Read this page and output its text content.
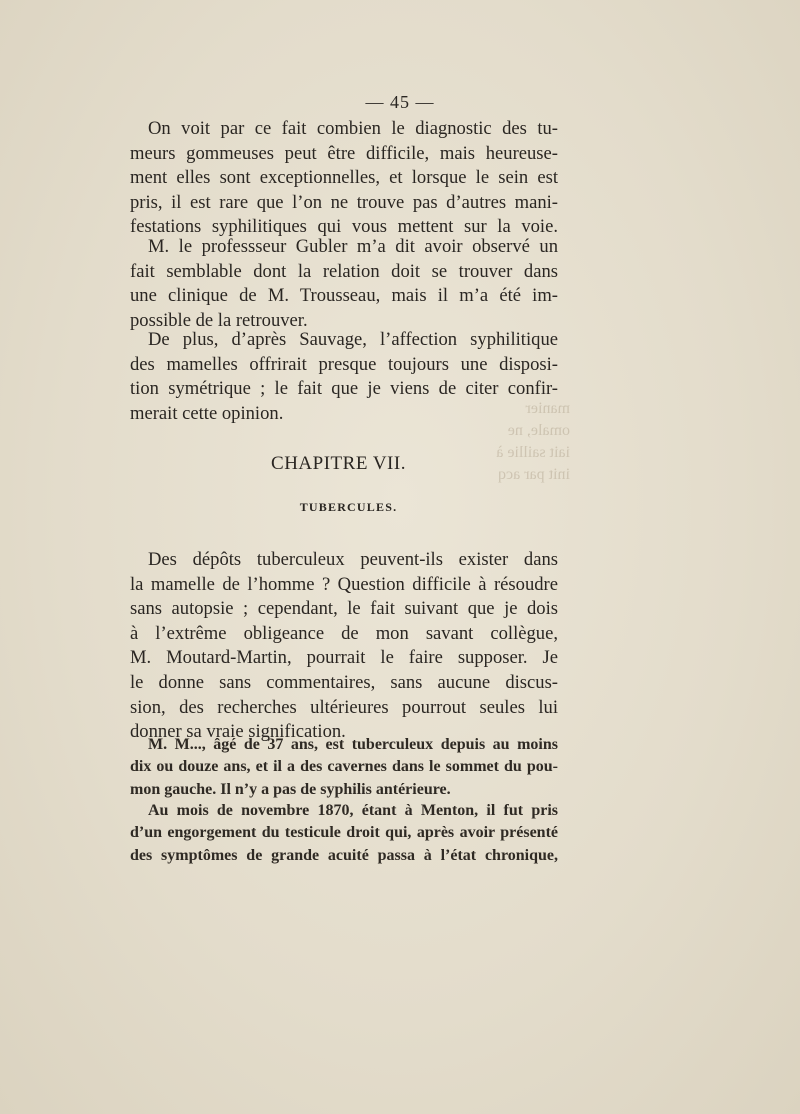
— 45 —
On voit par ce fait combien le diagnostic des tu-
meurs gommeuses peut être difficile, mais heureuse-
ment elles sont exceptionnelles, et lorsque le sein est
pris, il est rare que l’on ne trouve pas d’autres mani-
festations syphilitiques qui vous mettent sur la voie.
M. le professseur Gubler m’a dit avoir observé un
fait semblable dont la relation doit se trouver dans
une clinique de M. Trousseau, mais il m’a été im-
possible de la retrouver.
De plus, d’après Sauvage, l’affection syphilitique
des mamelles offrirait presque toujours une disposi-
tion symétrique ; le fait que je viens de citer confir-
merait cette opinion.	manier
omale, ne
iait saillie à
init par acq
CHAPITRE VII.
TUBERCULES.
Des dépôts tuberculeux peuvent-ils exister dans
la mamelle de l’homme ? Question difficile à résoudre
sans autopsie ; cependant, le fait suivant que je dois
à l’extrême obligeance de mon savant collègue,
M. Moutard-Martin, pourrait le faire supposer. Je
le donne sans commentaires, sans aucune discus-
sion, des recherches ultérieures pourrout seules lui
donner sa vraie signification.
M. M..., âgé de 37 ans, est tuberculeux depuis au moins
dix ou douze ans, et il a des cavernes dans le sommet du pou-
mon gauche. Il n’y a pas de syphilis antérieure.
Au mois de novembre 1870, étant à Menton, il fut pris
d’un engorgement du testicule droit qui, après avoir présenté
des symptômes de grande acuité passa à l’état chronique,
